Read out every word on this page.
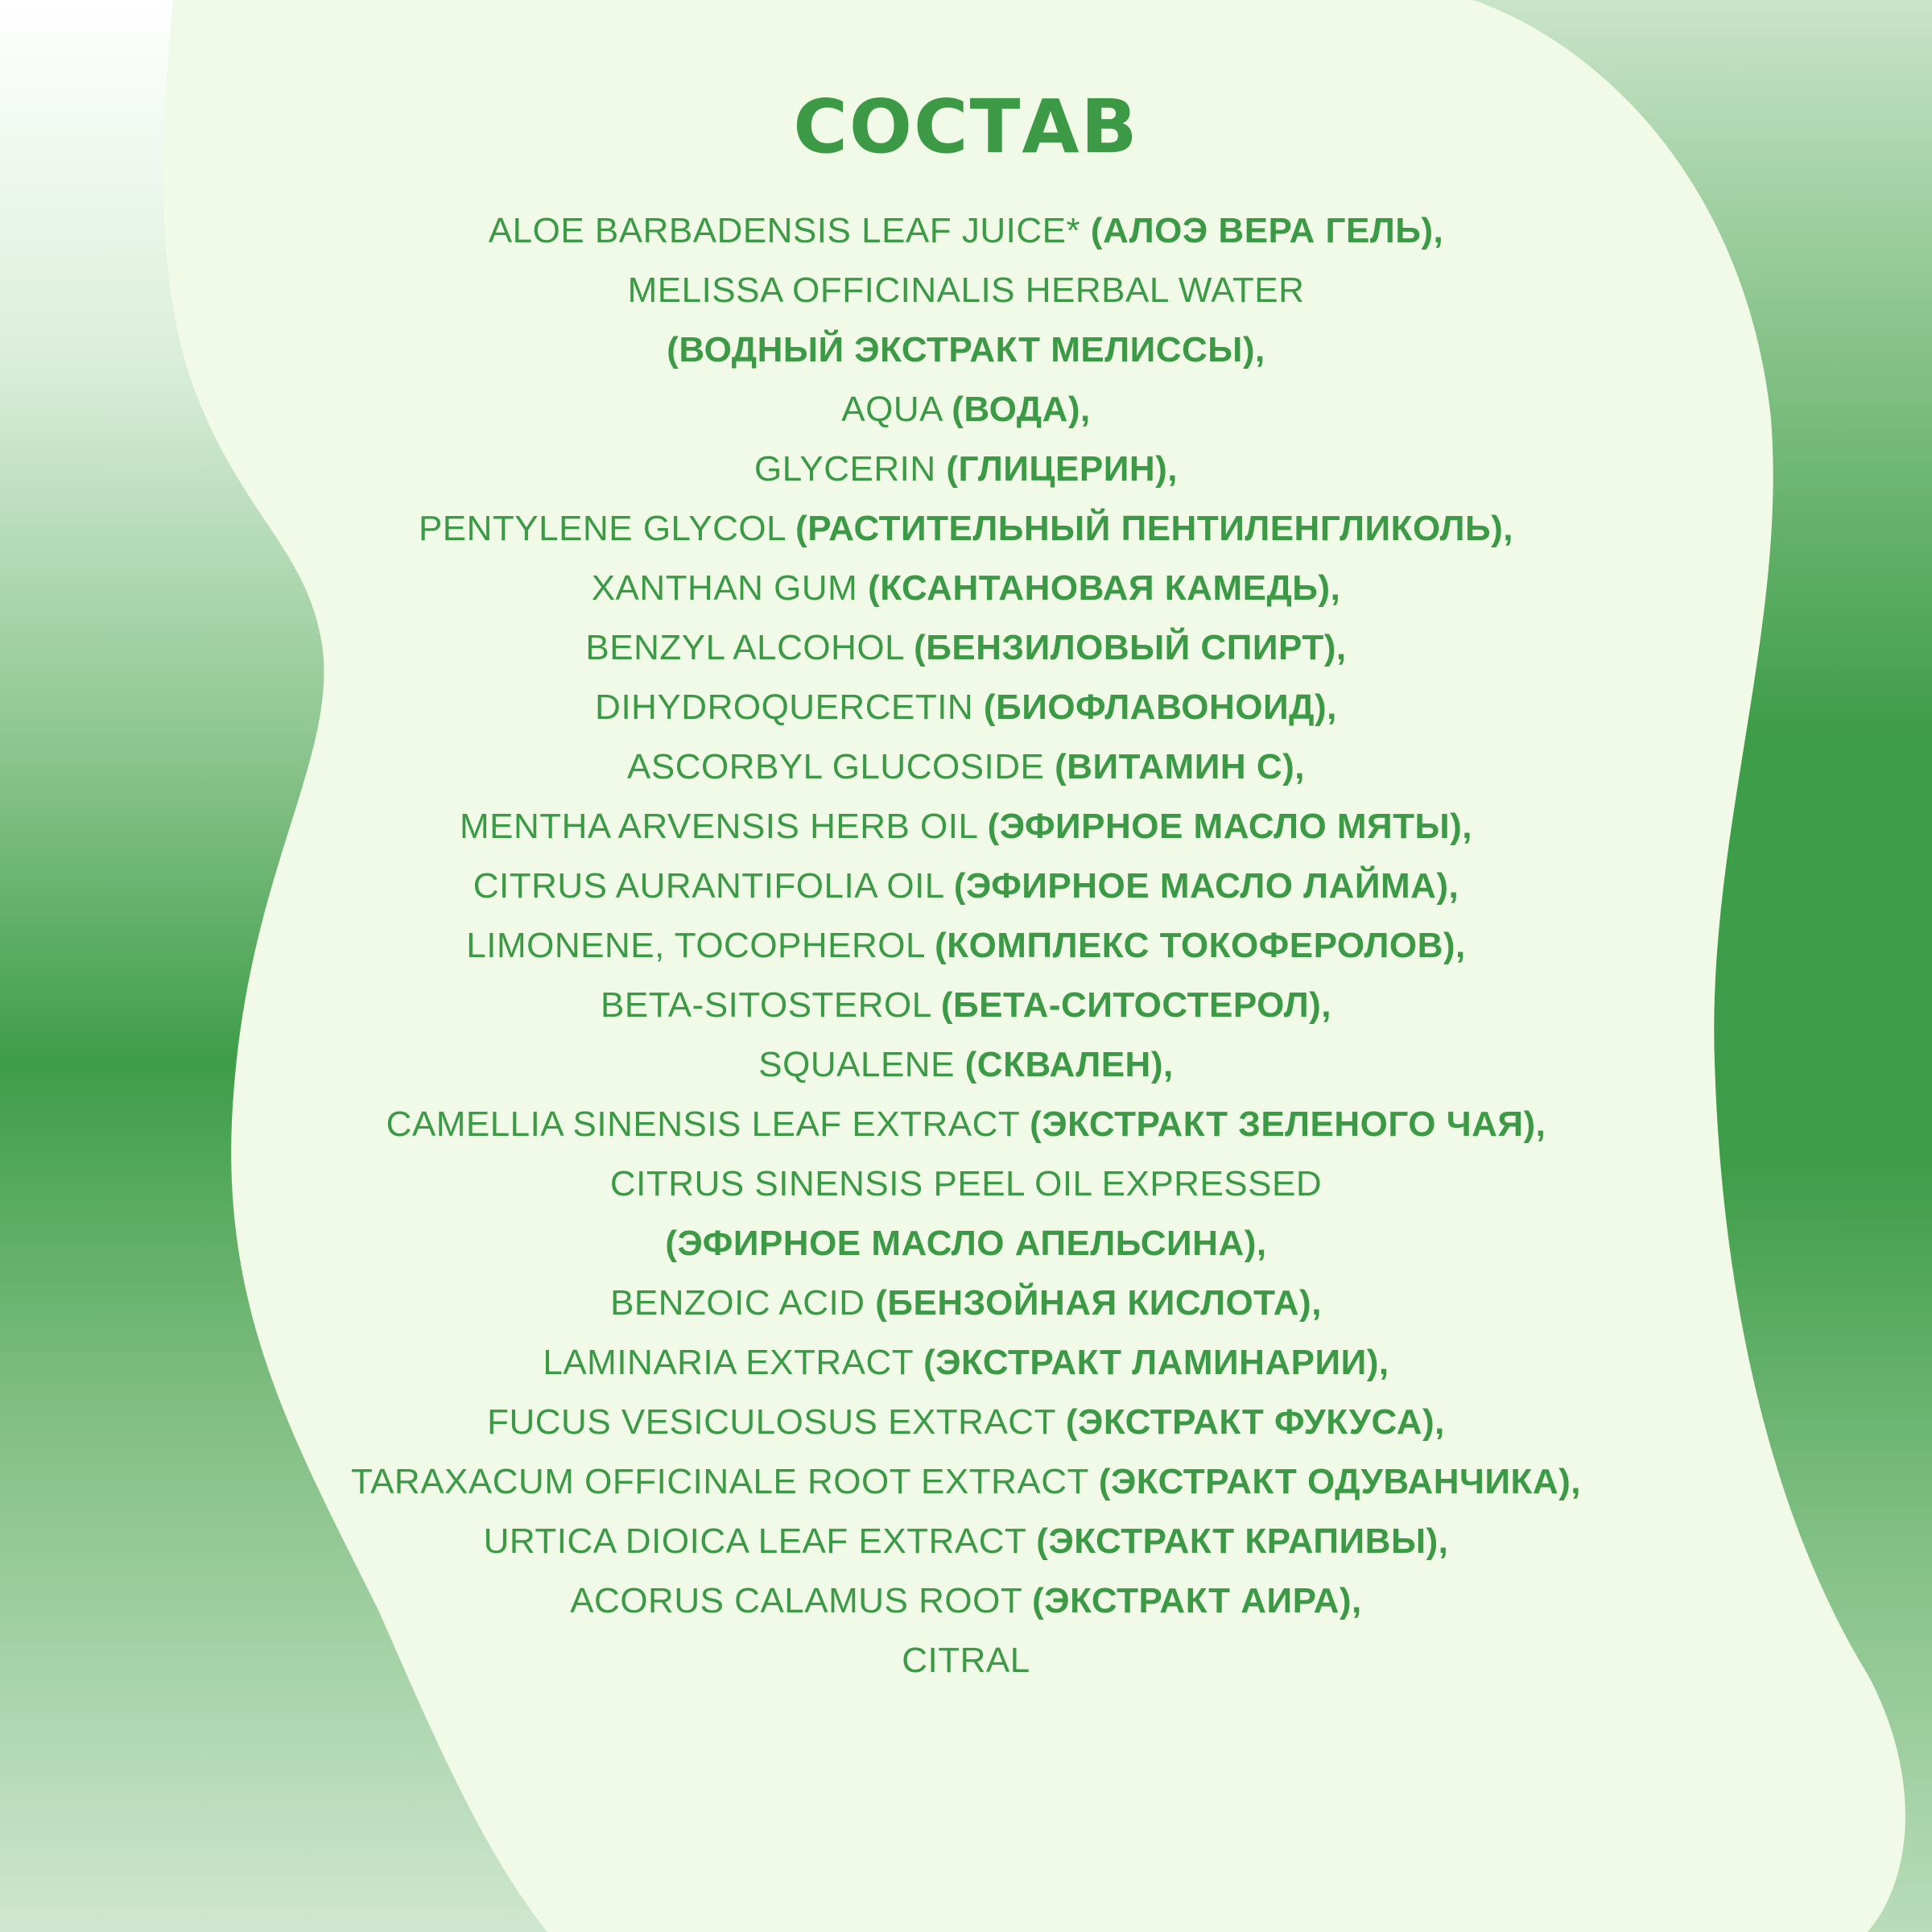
СОСТАВ
ALOE BARBADENSIS LEAF JUICE* (АЛОЭ ВЕРА ГЕЛЬ),
MELISSA OFFICINALIS HERBAL WATER
(ВОДНЫЙ ЭКСТРАКТ МЕЛИССЫ),
AQUA (ВОДА),
GLYCERIN (ГЛИЦЕРИН),
PENTYLENE GLYCOL (РАСТИТЕЛЬНЫЙ ПЕНТИЛЕНГЛИКОЛЬ),
XANTHAN GUM (КСАНТАНОВАЯ КАМЕДЬ),
BENZYL ALCOHOL (БЕНЗИЛОВЫЙ СПИРТ),
DIHYDROQUERCETIN (БИОФЛАВОНОИД),
ASCORBYL GLUCOSIDE (ВИТАМИН С),
MENTHA ARVENSIS HERB OIL (ЭФИРНОЕ МАСЛО МЯТЫ),
CITRUS AURANTIFOLIA OIL (ЭФИРНОЕ МАСЛО ЛАЙМА),
LIMONENE, TOCOPHEROL (КОМПЛЕКС ТОКОФЕРОЛОВ),
BETA-SITOSTEROL (БЕТА-СИТОСТЕРОЛ),
SQUALENE (СКВАЛЕН),
CAMELLIA SINENSIS LEAF EXTRACT (ЭКСТРАКТ ЗЕЛЕНОГО ЧАЯ),
CITRUS SINENSIS PEEL OIL EXPRESSED
(ЭФИРНОЕ МАСЛО АПЕЛЬСИНА),
BENZOIC ACID (БЕНЗОЙНАЯ КИСЛОТА),
LAMINARIA EXTRACT (ЭКСТРАКТ ЛАМИНАРИИ),
FUCUS VESICULOSUS EXTRACT (ЭКСТРАКТ ФУКУСА),
TARAXACUM OFFICINALE ROOT EXTRACT (ЭКСТРАКТ ОДУВАНЧИКА),
URTICA DIOICA LEAF EXTRACT (ЭКСТРАКТ КРАПИВЫ),
ACORUS CALAMUS ROOT (ЭКСТРАКТ АИРА),
CITRAL
